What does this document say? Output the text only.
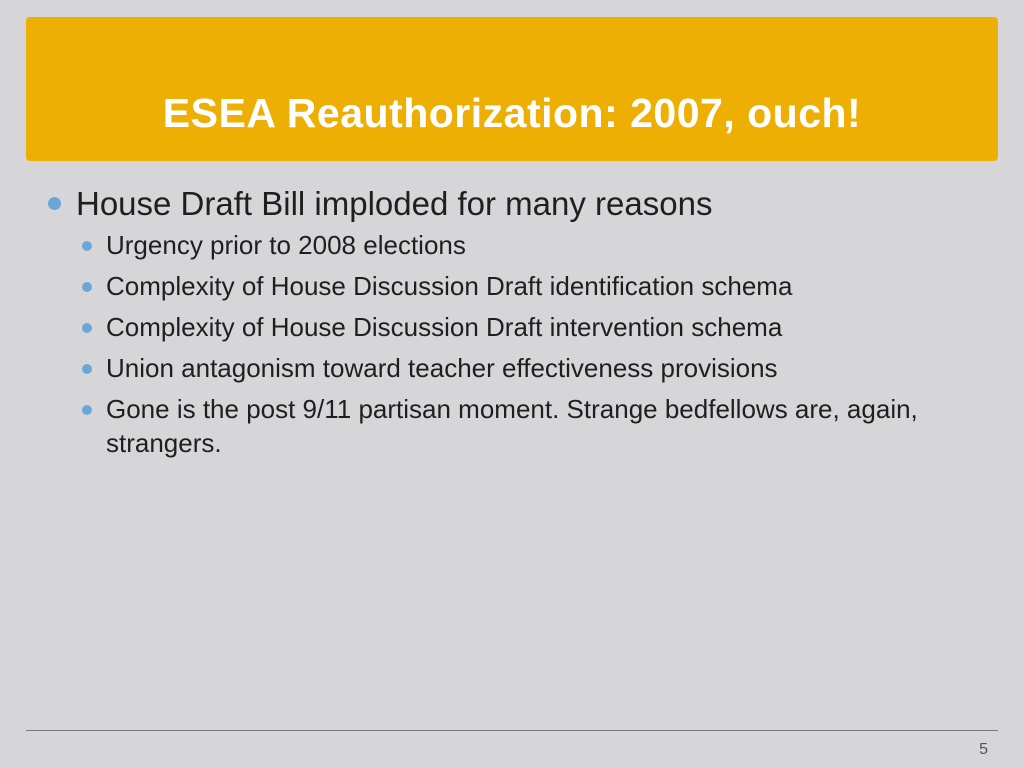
ESEA Reauthorization: 2007, ouch!
House Draft Bill imploded for many reasons
Urgency prior to 2008 elections
Complexity of House Discussion Draft identification schema
Complexity of House Discussion Draft intervention schema
Union antagonism toward teacher effectiveness provisions
Gone is the post 9/11 partisan moment. Strange bedfellows are, again, strangers.
5
